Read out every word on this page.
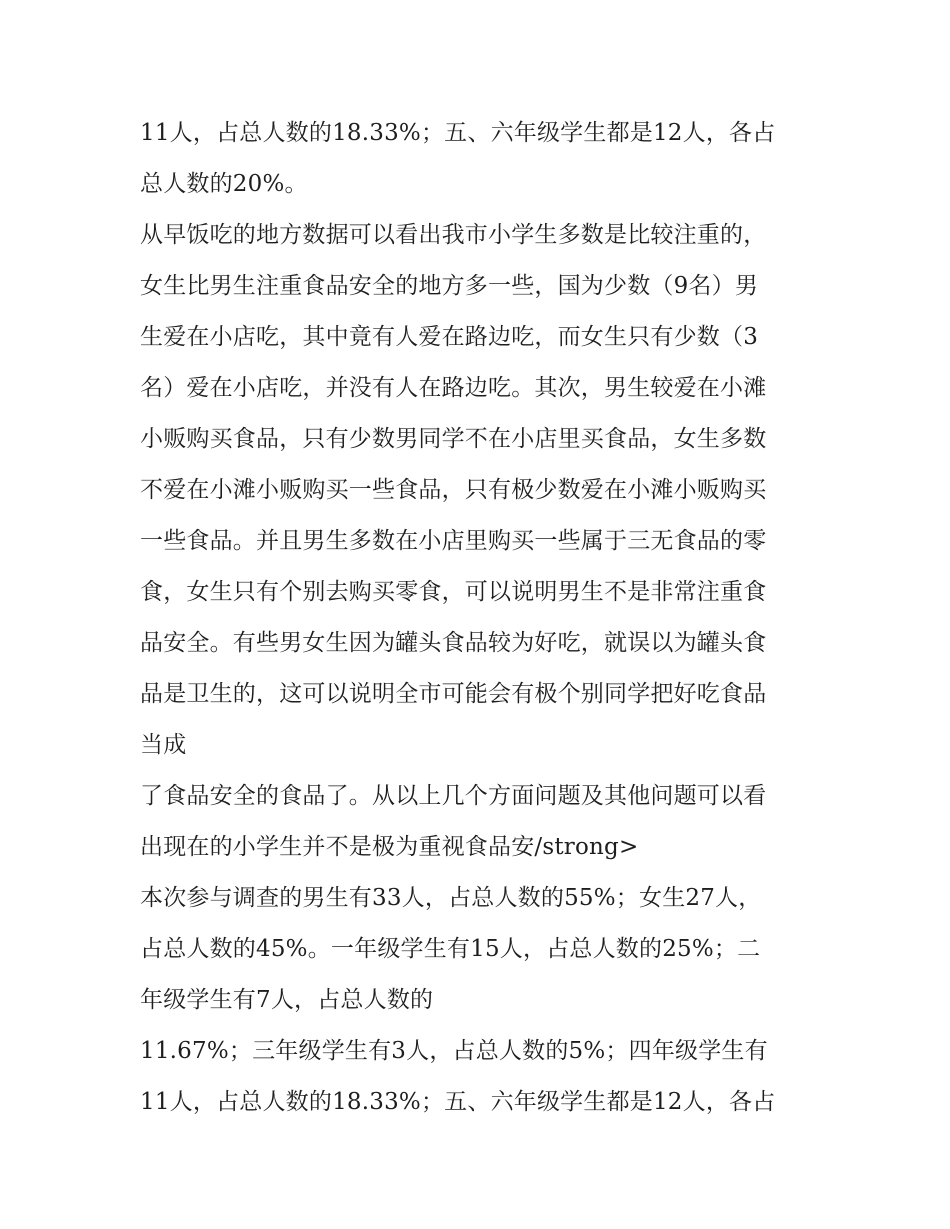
11人，占总人数的18.33%；五、六年级学生都是12人，各占
总人数的20%。
从早饭吃的地方数据可以看出我市小学生多数是比较注重的，
女生比男生注重食品安全的地方多一些，国为少数（9名）男
生爱在小店吃，其中竟有人爱在路边吃，而女生只有少数（3
名）爱在小店吃，并没有人在路边吃。其次，男生较爱在小滩
小贩购买食品，只有少数男同学不在小店里买食品，女生多数
不爱在小滩小贩购买一些食品，只有极少数爱在小滩小贩购买
一些食品。并且男生多数在小店里购买一些属于三无食品的零
食，女生只有个别去购买零食，可以说明男生不是非常注重食
品安全。有些男女生因为罐头食品较为好吃，就误以为罐头食
品是卫生的，这可以说明全市可能会有极个别同学把好吃食品
当成
了食品安全的食品了。从以上几个方面问题及其他问题可以看
出现在的小学生并不是极为重视食品安/strong>
本次参与调查的男生有33人，占总人数的55%；女生27人，
占总人数的45%。一年级学生有15人，占总人数的25%；二
年级学生有7人，占总人数的
11.67%；三年级学生有3人，占总人数的5%；四年级学生有
11人，占总人数的18.33%；五、六年级学生都是12人，各占
